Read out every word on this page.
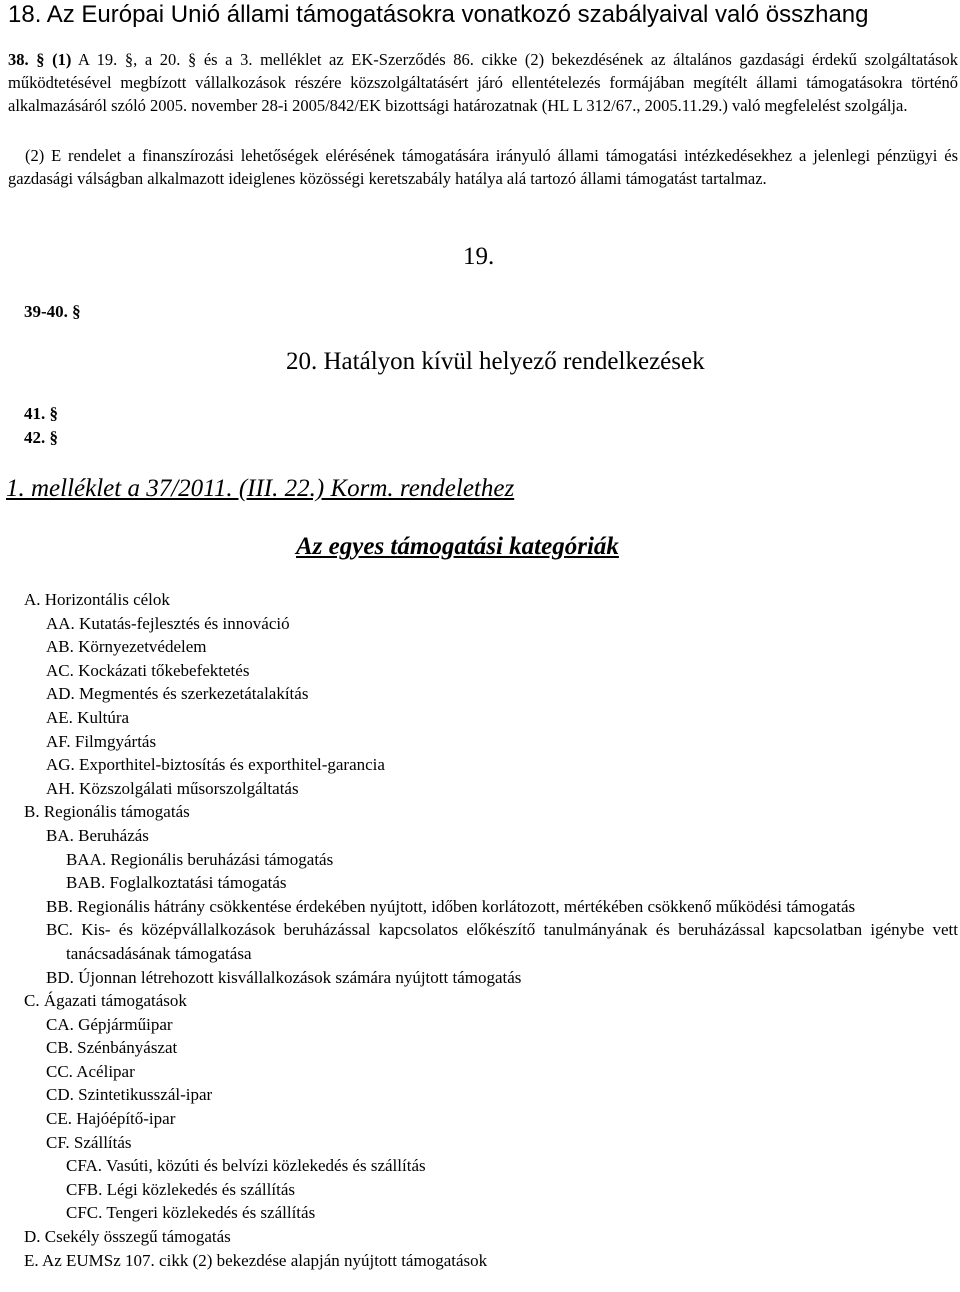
18. Az Európai Unió állami támogatásokra vonatkozó szabályaival való összhang

38. § (1) A 19. §, a 20. § és a 3. melléklet az EK-Szerződés 86. cikke (2) bekezdésének az általános gazdasági érdekű szolgáltatások működtetésével megbízott vállalkozások részére közszolgáltatásért járó ellentételezés formájában megítélt állami támogatásokra történő alkalmazásáról szóló 2005. november 28-i 2005/842/EK bizottsági határozatnak (HL L 312/67., 2005.11.29.) való megfelelést szolgálja.

(2) E rendelet a finanszírozási lehetőségek elérésének támogatására irányuló állami támogatási intézkedésekhez a jelenlegi pénzügyi és gazdasági válságban alkalmazott ideiglenes közösségi keretszabály hatálya alá tartozó állami támogatást tartalmaz.

19.
39-40. §
20. Hatályon kívül helyező rendelkezések
41. §
42. §
1. melléklet a 37/2011. (III. 22.) Korm. rendelethez
Az egyes támogatási kategóriák
A. Horizontális célok
AA. Kutatás-fejlesztés és innováció
AB. Környezetvédelem
AC. Kockázati tőkebefektetés
AD. Megmentés és szerkezetátalakítás
AE. Kultúra
AF. Filmgyártás
AG. Exporthitel-biztosítás és exporthitel-garancia
AH. Közszolgálati műsorszolgáltatás
B. Regionális támogatás
BA. Beruházás
BAA. Regionális beruházási támogatás
BAB. Foglalkoztatási támogatás
BB. Regionális hátrány csökkentése érdekében nyújtott, időben korlátozott, mértékében csökkenő működési támogatás
BC. Kis- és középvállalkozások beruházással kapcsolatos előkészítő tanulmányának és beruházással kapcsolatban igénybe vett tanácsadásának támogatása
BD. Újonnan létrehozott kisvállalkozások számára nyújtott támogatás
C. Ágazati támogatások
CA. Gépjárműipar
CB. Szénbányászat
CC. Acélipar
CD. Szintetikusszál-ipar
CE. Hajóépítő-ipar
CF. Szállítás
CFA. Vasúti, közúti és belvízi közlekedés és szállítás
CFB. Légi közlekedés és szállítás
CFC. Tengeri közlekedés és szállítás
D. Csekély összegű támogatás
E. Az EUMSz 107. cikk (2) bekezdése alapján nyújtott támogatások
